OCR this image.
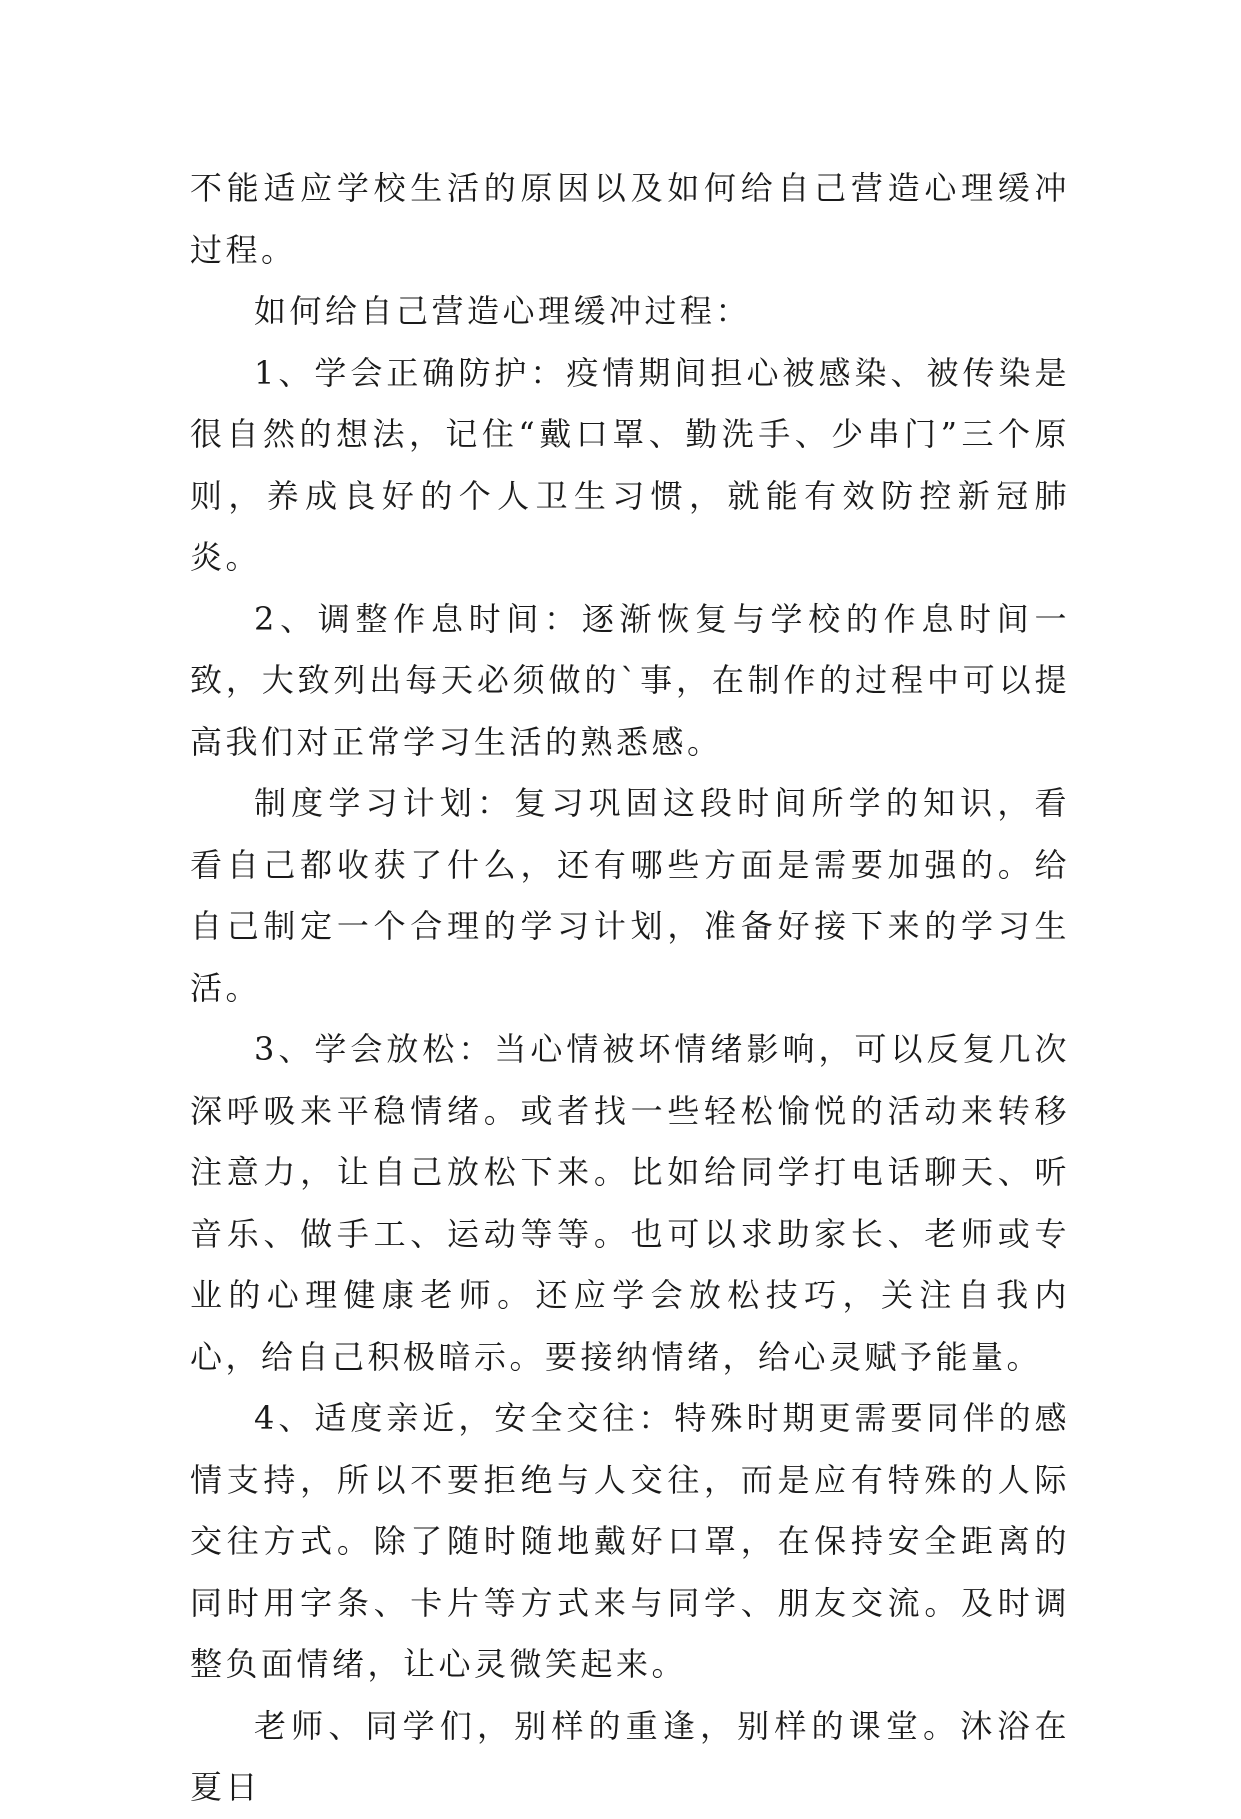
不能适应学校生活的原因以及如何给自己营造心理缓冲过程。

如何给自己营造心理缓冲过程：

1、学会正确防护：疫情期间担心被感染、被传染是很自然的想法，记住“戴口罩、勤洗手、少串门”三个原则，养成良好的个人卫生习惯，就能有效防控新冠肺炎。

2、调整作息时间：逐渐恢复与学校的作息时间一致，大致列出每天必须做的`事，在制作的过程中可以提高我们对正常学习生活的熟悉感。

制度学习计划：复习巩固这段时间所学的知识，看看自己都收获了什么，还有哪些方面是需要加强的。给自己制定一个合理的学习计划，准备好接下来的学习生活。

3、学会放松：当心情被坏情绪影响，可以反复几次深呼吸来平稳情绪。或者找一些轻松愉悦的活动来转移注意力，让自己放松下来。比如给同学打电话聊天、听音乐、做手工、运动等等。也可以求助家长、老师或专业的心理健康老师。还应学会放松技巧，关注自我内心，给自己积极暗示。要接纳情绪，给心灵赋予能量。

4、适度亲近，安全交往：特殊时期更需要同伴的感情支持，所以不要拒绝与人交往，而是应有特殊的人际交往方式。除了随时随地戴好口罩，在保持安全距离的同时用字条、卡片等方式来与同学、朋友交流。及时调整负面情绪，让心灵微笑起来。

老师、同学们，别样的重逢，别样的课堂。沐浴在夏日
